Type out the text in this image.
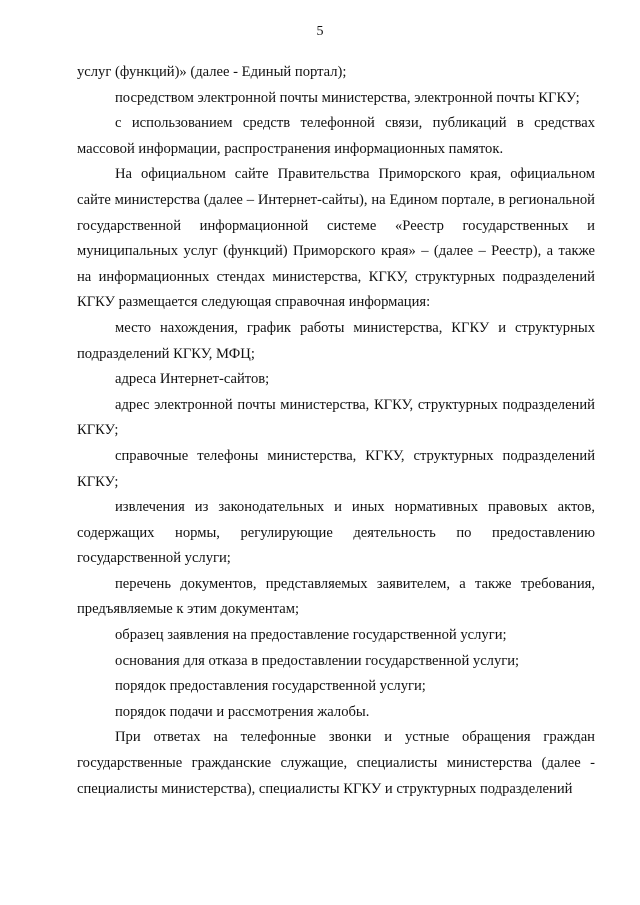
5

услуг (функций)» (далее - Единый портал);

посредством электронной почты министерства, электронной почты КГКУ;

с использованием средств телефонной связи, публикаций в средствах массовой информации, распространения информационных памяток.

На официальном сайте Правительства Приморского края, официальном сайте министерства (далее – Интернет-сайты), на Едином портале, в региональной государственной информационной системе «Реестр государственных и муниципальных услуг (функций) Приморского края» – (далее – Реестр), а также на информационных стендах министерства, КГКУ, структурных подразделений КГКУ размещается следующая справочная информация:

место нахождения, график работы министерства, КГКУ и структурных подразделений КГКУ, МФЦ;

адреса Интернет-сайтов;

адрес электронной почты министерства, КГКУ, структурных подразделений КГКУ;

справочные телефоны министерства, КГКУ, структурных подразделений КГКУ;

извлечения из законодательных и иных нормативных правовых актов, содержащих нормы, регулирующие деятельность по предоставлению государственной услуги;

перечень документов, представляемых заявителем, а также требования, предъявляемые к этим документам;

образец заявления на предоставление государственной услуги;

основания для отказа в предоставлении государственной услуги;

порядок предоставления государственной услуги;

порядок подачи и рассмотрения жалобы.

При ответах на телефонные звонки и устные обращения граждан государственные гражданские служащие, специалисты министерства (далее - специалисты министерства), специалисты КГКУ и структурных подразделений
